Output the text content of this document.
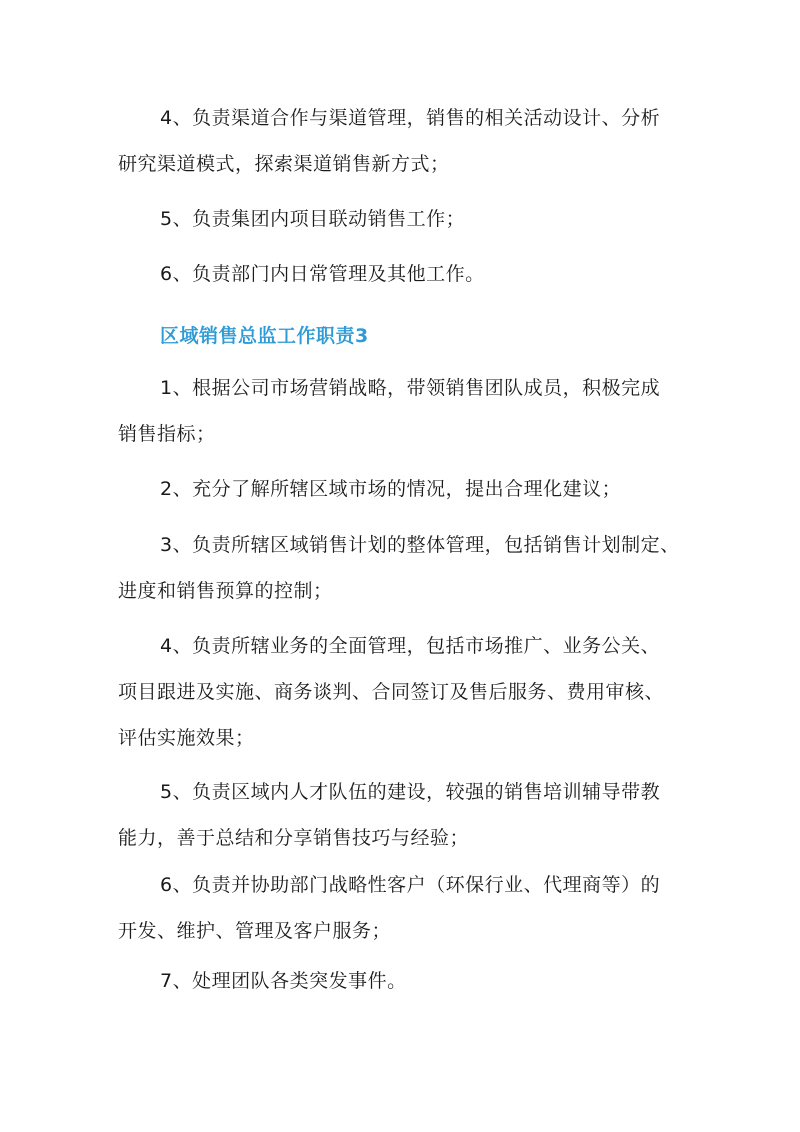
4、负责渠道合作与渠道管理，销售的相关活动设计、分析
研究渠道模式，探索渠道销售新方式；

5、负责集团内项目联动销售工作；

6、负责部门内日常管理及其他工作。

区域销售总监工作职责3

1、根据公司市场营销战略，带领销售团队成员，积极完成
销售指标；

2、充分了解所辖区域市场的情况，提出合理化建议；

3、负责所辖区域销售计划的整体管理，包括销售计划制定、
进度和销售预算的控制；

4、负责所辖业务的全面管理，包括市场推广、业务公关、
项目跟进及实施、商务谈判、合同签订及售后服务、费用审核、
评估实施效果；

5、负责区域内人才队伍的建设，较强的销售培训辅导带教
能力，善于总结和分享销售技巧与经验；

6、负责并协助部门战略性客户（环保行业、代理商等）的
开发、维护、管理及客户服务；

7、处理团队各类突发事件。
